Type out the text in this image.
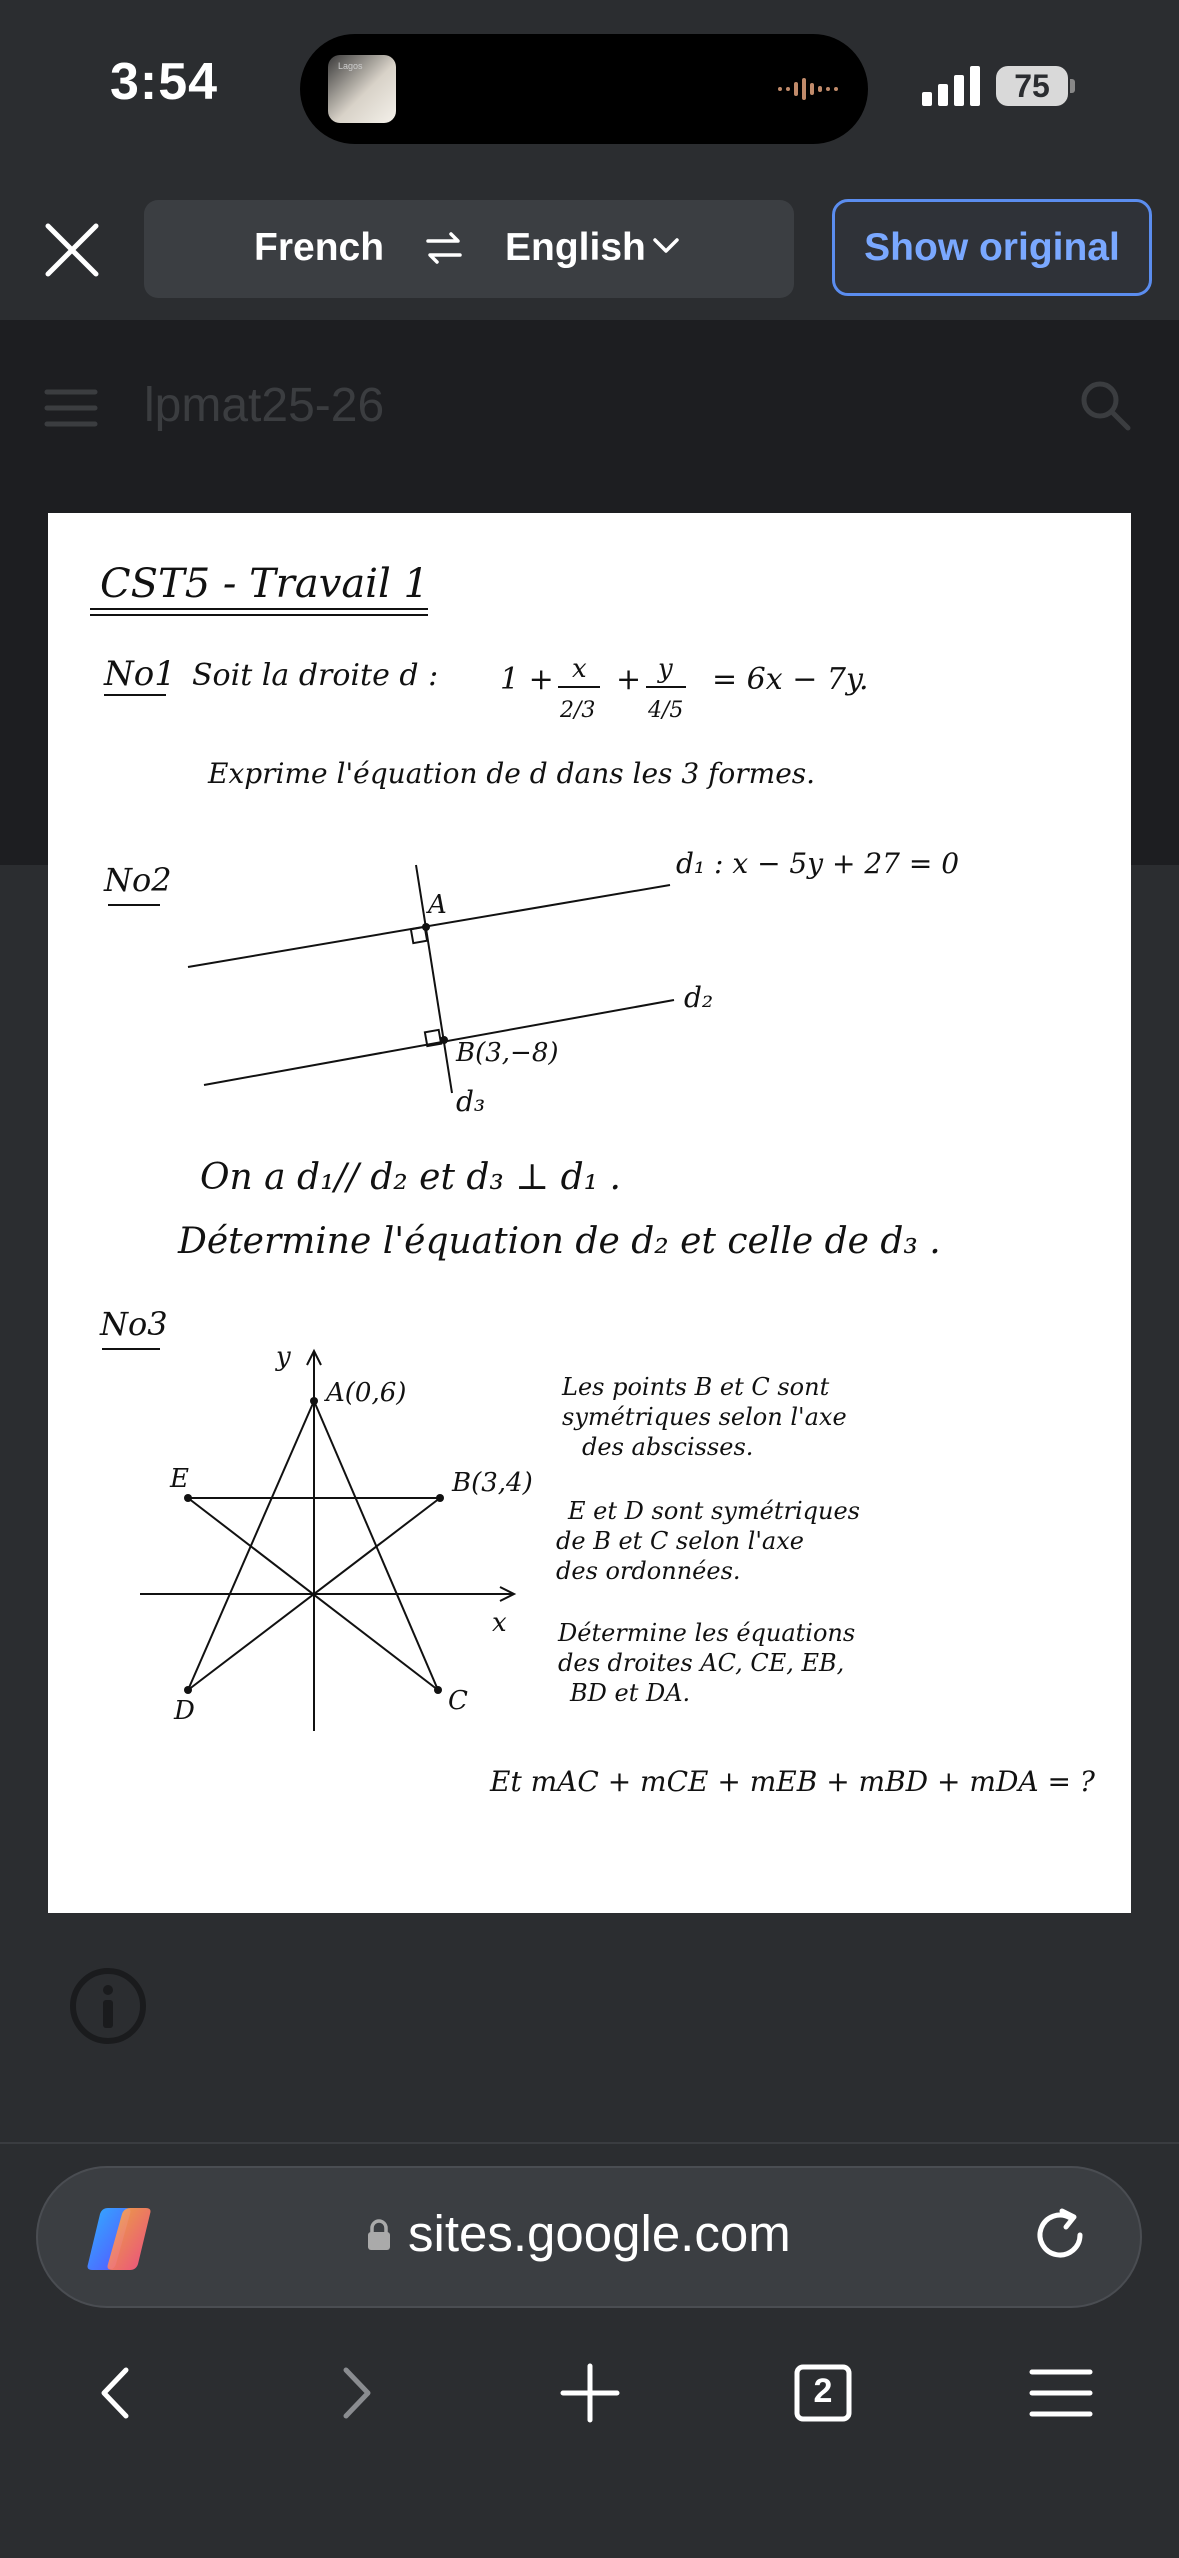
3:54	Lagos
75
French	English	Show original
lpmat25-26
CST5 - Travail 1
No1 Soit la droite d : 1 + x
2/3
+ y
4/5
= 6x − 7y.
Exprime l'équation de d dans les 3 formes.
No2
A
B(3,−8)
d₁ : x − 5y + 27 = 0
d₂
d₃
On a d₁// d₂ et d₃ ⊥ d₁ .
Détermine l'équation de d₂ et celle de d₃ .
No3
y
x
A(0,6)
B(3,4)
C
D
E
Les points B et C sont
symétriques selon l'axe
des abscisses.
E et D sont symétriques
de B et C selon l'axe
des ordonnées.
Détermine les équations
des droites AC, CE, EB,
BD et DA.
Et mAC + mCE + mEB + mBD + mDA = ?
sites.google.com
2
